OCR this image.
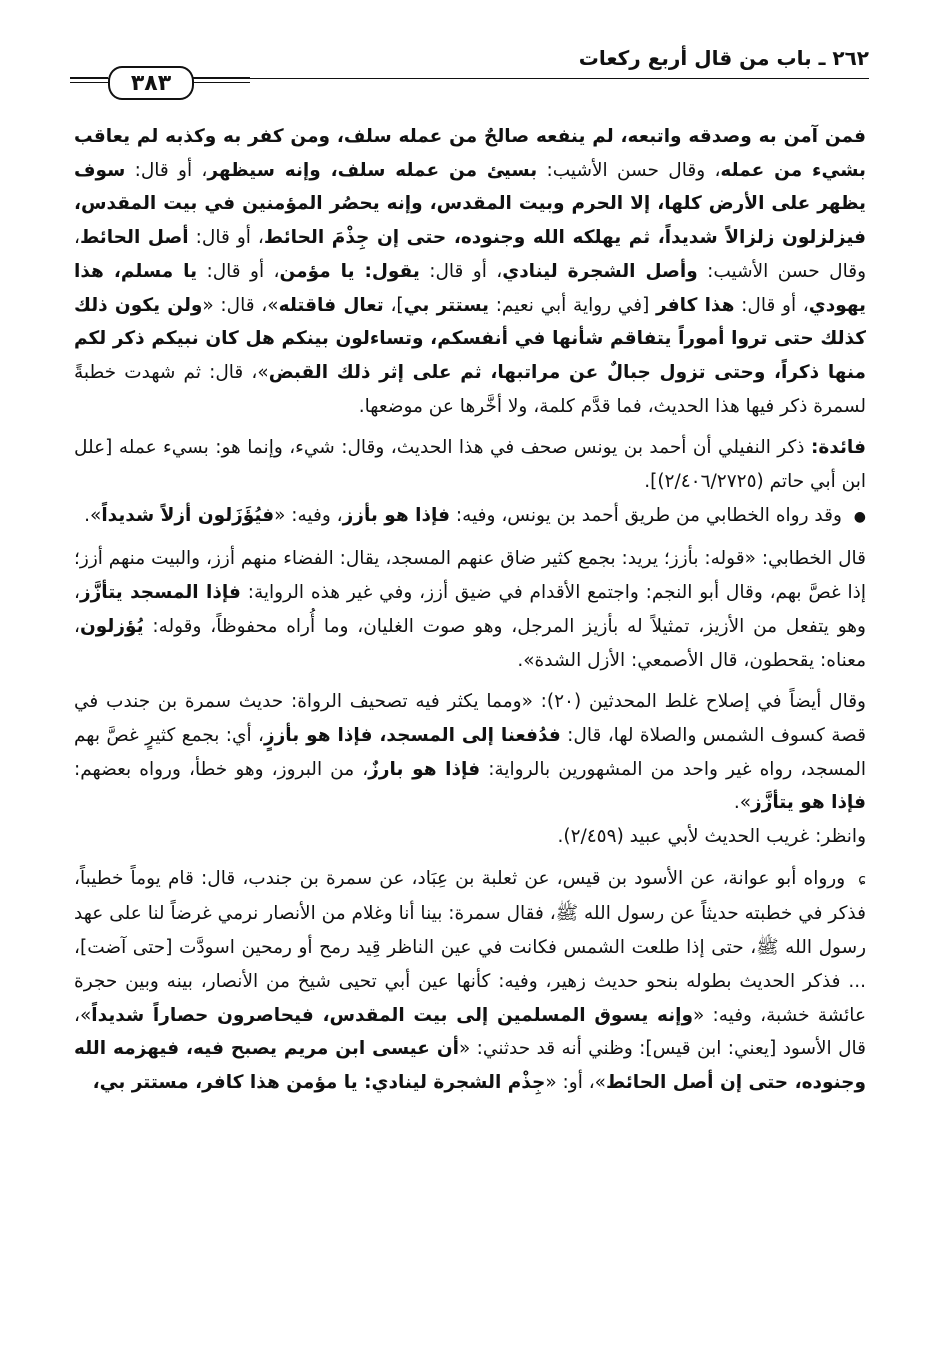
٢٦٢ ـ باب من قال أربع ركعات
٣٨٣

فمن آمن به وصدقه واتبعه، لم ينفعه صالحٌ من عمله سلف، ومن كفر به وكذبه لم يعاقب بشيء من عمله، وقال حسن الأشيب: بسيئ من عمله سلف، وإنه سيظهر، أو قال: سوف يظهر على الأرض كلها، إلا الحرم وبيت المقدس، وإنه يحصُر المؤمنين في بيت المقدس، فيزلزلون زلزالاً شديداً، ثم يهلكه الله وجنوده، حتى إن جِذْمَ الحائط، أو قال: أصل الحائط، وقال حسن الأشيب: وأصل الشجرة لينادي، أو قال: يقول: يا مؤمن، أو قال: يا مسلم، هذا يهودي، أو قال: هذا كافر [في رواية أبي نعيم: يستتر بي]، تعال فاقتله»، قال: «ولن يكون ذلك كذلك حتى تروا أموراً يتفاقم شأنها في أنفسكم، وتساءلون بينكم هل كان نبيكم ذكر لكم منها ذكراً، وحتى تزول جبالٌ عن مراتبها، ثم على إثر ذلك القبض»، قال: ثم شهدت خطبةً لسمرة ذكر فيها هذا الحديث، فما قدَّم كلمة، ولا أخَّرها عن موضعها.

فائدة: ذكر النفيلي أن أحمد بن يونس صحف في هذا الحديث، وقال: شيء، وإنما هو: بسيء عمله [علل ابن أبي حاتم (٢/٤٠٦/٢٧٢٥)].

● وقد رواه الخطابي من طريق أحمد بن يونس، وفيه: فإذا هو بأزز، وفيه: «فيُؤَزَلون أزلاً شديداً».

قال الخطابي: «قوله: بأزز؛ يريد: بجمع كثير ضاق عنهم المسجد، يقال: الفضاء منهم أزز، والبيت منهم أزز؛ إذا غصَّ بهم، وقال أبو النجم: واجتمع الأقدام في ضيق أزز، وفي غير هذه الرواية: فإذا المسجد يتأزَّز، وهو يتفعل من الأزيز، تمثيلاً له بأزيز المرجل، وهو صوت الغليان، وما أُراه محفوظاً، وقوله: يُؤزلون، معناه: يقحطون، قال الأصمعي: الأزل الشدة».

وقال أيضاً في إصلاح غلط المحدثين (٢٠): «ومما يكثر فيه تصحيف الرواة: حديث سمرة بن جندب في قصة كسوف الشمس والصلاة لها، قال: فدُفعنا إلى المسجد، فإذا هو بأززٍ، أي: بجمع كثيرٍ غصَّ بهم المسجد، رواه غير واحد من المشهورين بالرواية: فإذا هو بارزٌ، من البروز، وهو خطأ، ورواه بعضهم: فإذا هو يتأزَّز».

وانظر: غريب الحديث لأبي عبيد (٢/٤٥٩).

ɕ ورواه أبو عوانة، عن الأسود بن قيس، عن ثعلبة بن عِبَاد، عن سمرة بن جندب، قال: قام يوماً خطيباً، فذكر في خطبته حديثاً عن رسول الله ﷺ، فقال سمرة: بينا أنا وغلام من الأنصار نرمي غرضاً لنا على عهد رسول الله ﷺ، حتى إذا طلعت الشمس فكانت في عين الناظر قِيد رمح أو رمحين اسودَّت [حتى آضت]، ... فذكر الحديث بطوله بنحو حديث زهير، وفيه: كأنها عين أبي تحيى شيخ من الأنصار، بينه وبين حجرة عائشة خشبة، وفيه: «وإنه يسوق المسلمين إلى بيت المقدس، فيحاصرون حصاراً شديداً»، قال الأسود [يعني: ابن قيس]: وظني أنه قد حدثني: «أن عيسى ابن مريم يصبح فيه، فيهزمه الله وجنوده، حتى إن أصل الحائط»، أو: «جِذْم الشجرة لينادي: يا مؤمن هذا كافر، مستتر بي،
